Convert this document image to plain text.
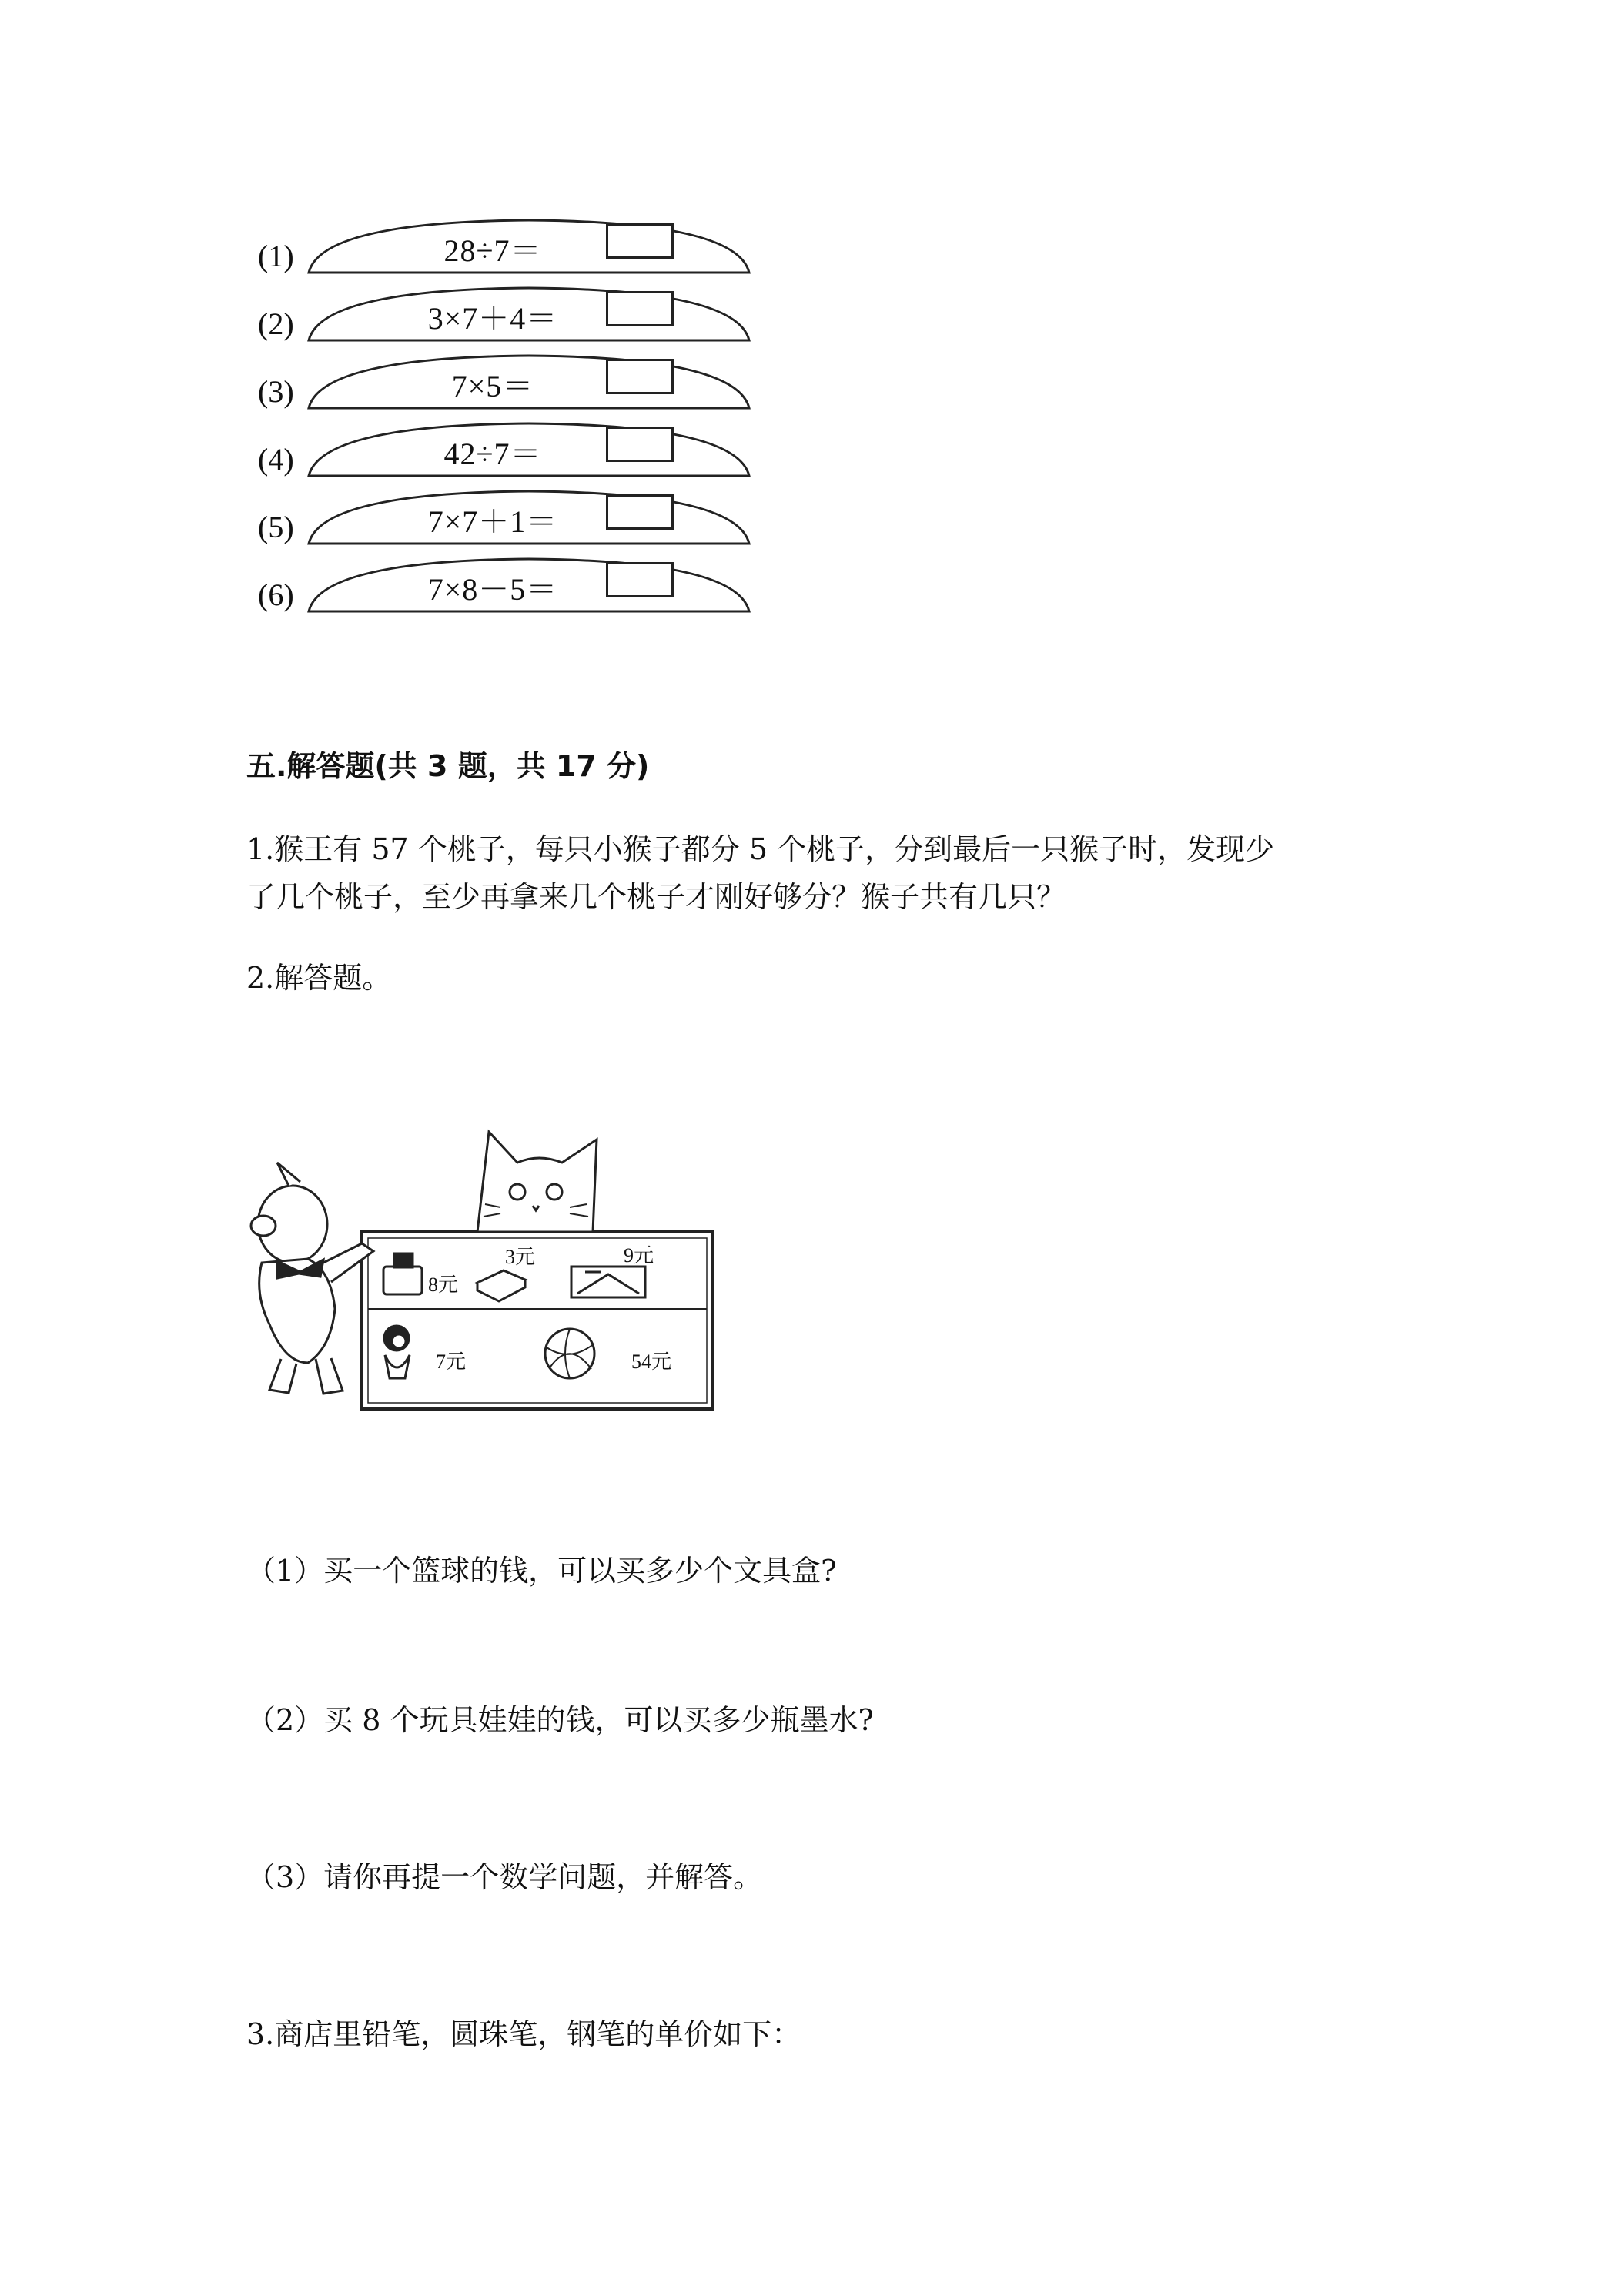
(1)	28÷7＝
(2)	3×7＋4＝
(3)	7×5＝
(4)	42÷7＝
(5)	7×7＋1＝
(6)	7×8－5＝
五.解答题(共 3 题，共 17 分)
1.猴王有 57 个桃子，每只小猴子都分 5 个桃子，分到最后一只猴子时，发现少
了几个桃子，至少再拿来几个桃子才刚好够分？猴子共有几只？
2.解答题。
8元
3元	9元
7元	54元
（1）买一个篮球的钱，可以买多少个文具盒?
（2）买 8 个玩具娃娃的钱，可以买多少瓶墨水?
（3）请你再提一个数学问题，并解答。
3.商店里铅笔，圆珠笔，钢笔的单价如下：
